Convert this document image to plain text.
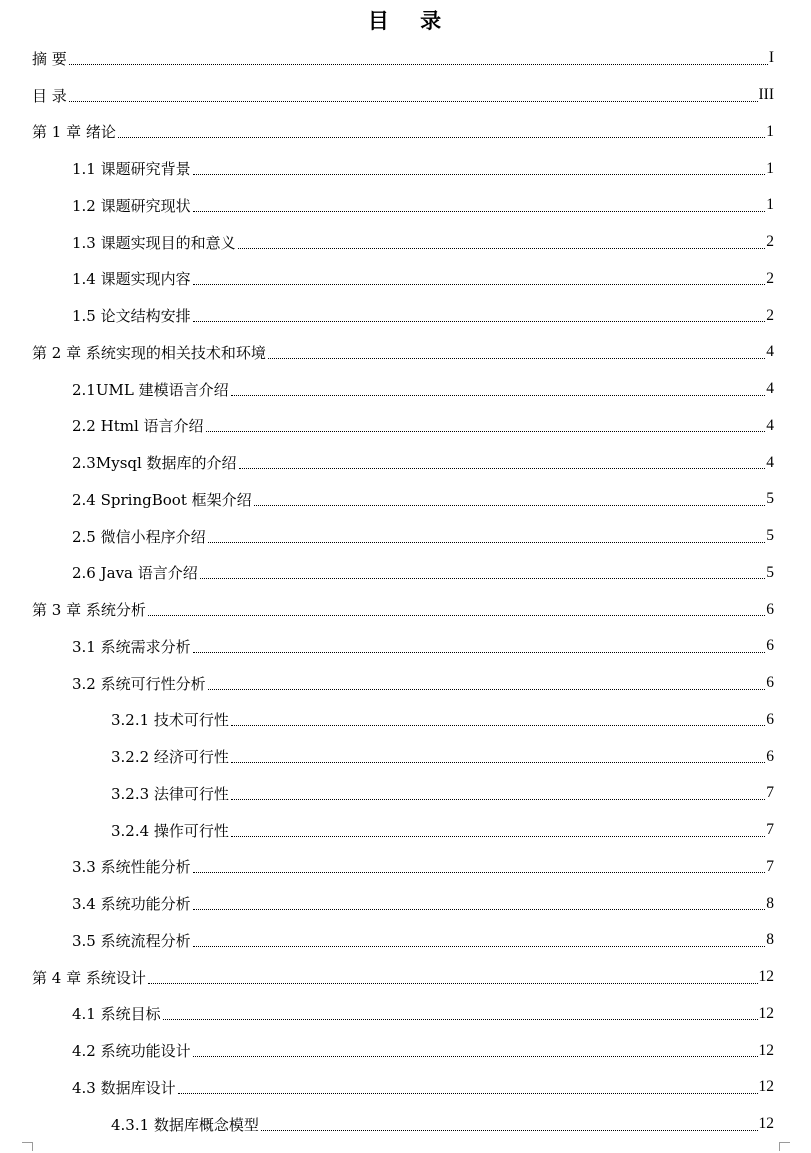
目 录
摘 要	I
目 录	III
第 1 章 绪论	1
1.1 课题研究背景	1
1.2 课题研究现状	1
1.3 课题实现目的和意义	2
1.4 课题实现内容	2
1.5 论文结构安排	2
第 2 章 系统实现的相关技术和环境	4
2.1UML 建模语言介绍	4
2.2 Html 语言介绍	4
2.3Mysql 数据库的介绍	4
2.4 SpringBoot 框架介绍	5
2.5 微信小程序介绍	5
2.6 Java 语言介绍	5
第 3 章 系统分析	6
3.1 系统需求分析	6
3.2 系统可行性分析	6
3.2.1 技术可行性	6
3.2.2 经济可行性	6
3.2.3 法律可行性	7
3.2.4 操作可行性	7
3.3 系统性能分析	7
3.4 系统功能分析	8
3.5 系统流程分析	8
第 4 章 系统设计	12
4.1 系统目标	12
4.2 系统功能设计	12
4.3 数据库设计	12
4.3.1 数据库概念模型	12
